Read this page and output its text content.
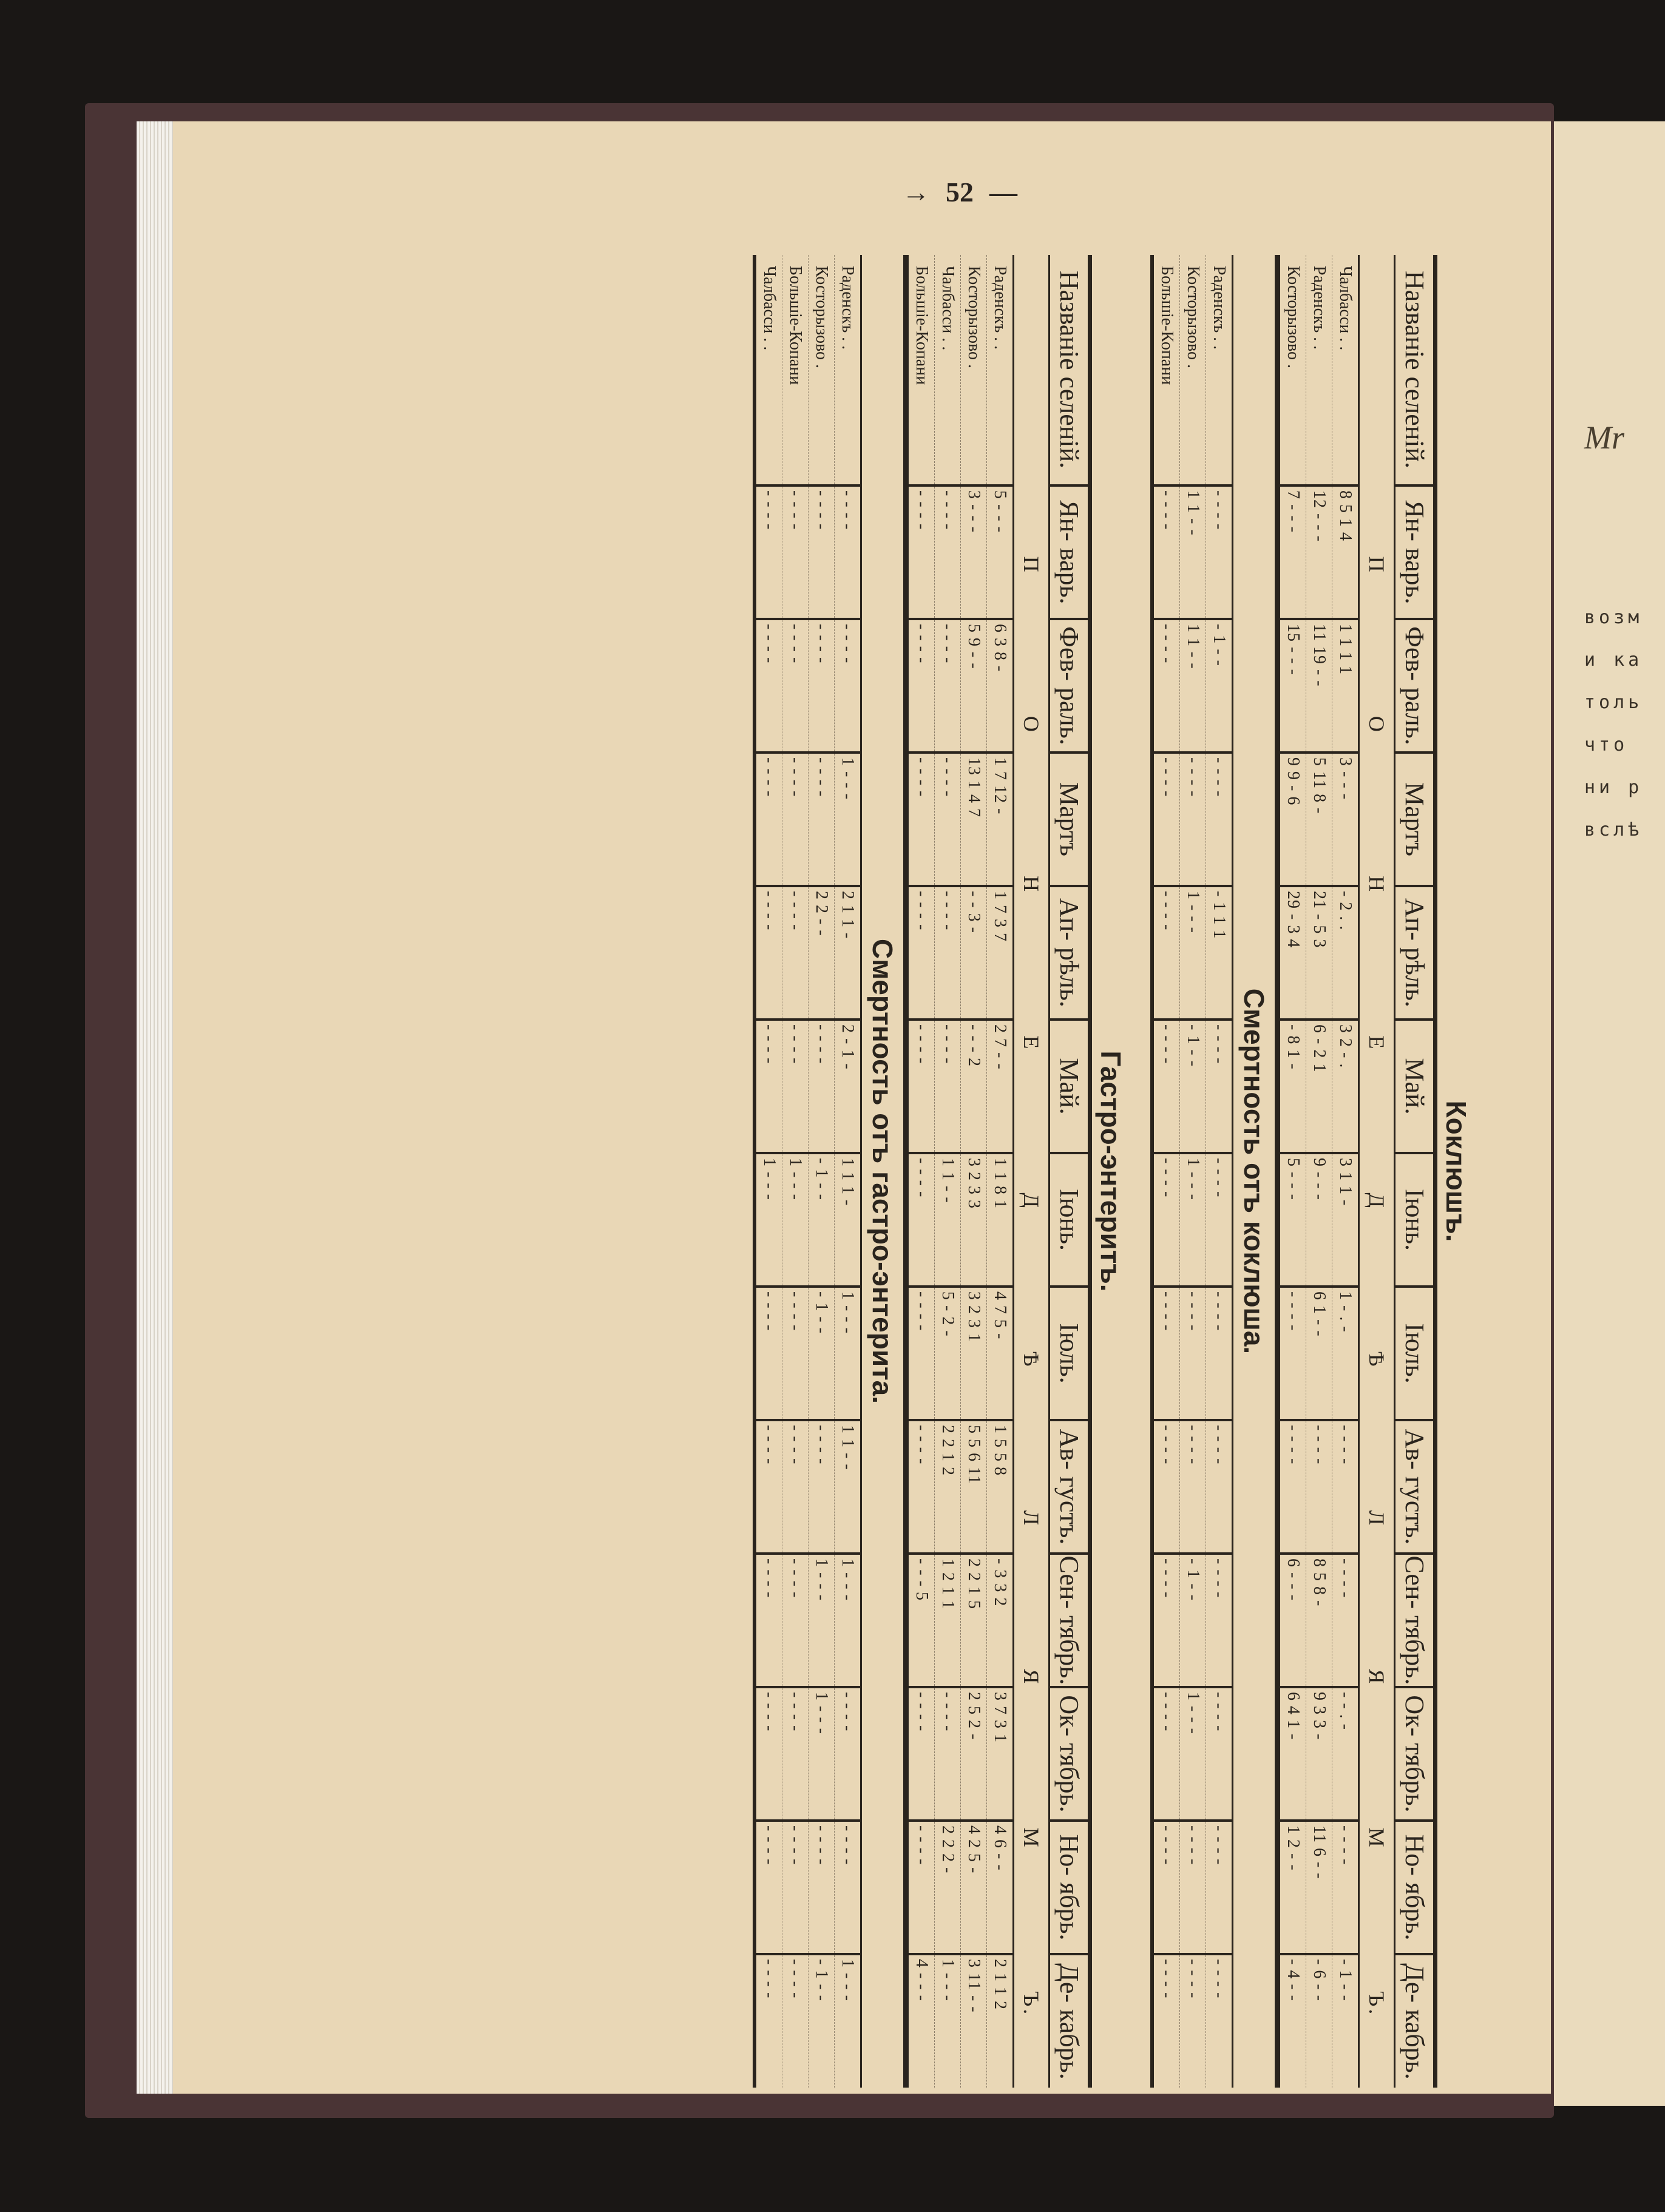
→ 52 —
Mr
возм
и ка
толь
что
ни р
вслѣ
Коклюшъ.
Названіе селеній.	Ян- варь.	Фев- раль.	Мартъ	Ап- рѣль.	Май.	Іюнь.	Іюль.	Ав- густъ.	Сен- тябрь.	Ок- тябрь.	Но- ябрь.	Де- кабрь.
П
О
Н
Е
Д
Ѣ
Л
Я
М
Ъ.
Чалбасси . .	8 5 1 4	1 1 1 1	3 - - -	- 2 . .	3 2 - .	3 1 1 -	1 - . -	- - - -	- - - -	- - . -	- - - -	- 1 - -
Раденскъ . .	12 - - -	11 19 - -	5 11 8 -	21 - 5 3	6 - 2 1	9 - - -	6 1 - -	- - - -	8 5 8 -	9 3 3 -	11 6 - -	- 6 - -
Косторызово .	7 - - -	15 - - -	9 9 - 6	29 - 3 4	- 8 1 -	5 - - -	- - - -	- - - -	6 - - -	6 4 1 -	1 2 - -	- 4 - -
Смертность отъ коклюша.
Раденскъ . .	- - - -	- 1 - -	- - - -	- 1 1 1	- - - -	- - - -	- - - -	- - - -	- - - -	- - - -	- - - -	- - - -
Косторызово .	1 1 - -	1 1 - -	- - - -	1 - - -	- 1 - -	1 - - -	- - - -	- - - -	- 1 - -	1 - - -	- - - -	- - - -
Большіе-Копани	- - - -	- - - -	- - - -	- - - -	- - - -	- - - -	- - - -	- - - -	- - - -	- - - -	- - - -	- - - -
Гастро-энтеритъ.
Названіе селеній.	Ян- варь.	Фев- раль.	Мартъ	Ап- рѣль.	Май.	Іюнь.	Іюль.	Ав- густъ.	Сен- тябрь.	Ок- тябрь.	Но- ябрь.	Де- кабрь.
П
О
Н
Е
Д
Ѣ
Л
Я
М
Ъ.
Раденскъ . .	5 - - -	6 3 8 -	1 7 12 -	1 7 3 7	2 7 - -	1 1 8 1	4 7 5 -	1 5 5 8	- 3 3 2	3 7 3 1	4 6 - -	2 1 1 2
Косторызово .	3 - - -	5 9 - -	13 1 4 7	- - 3 -	- - - 2	3 2 3 3	3 2 3 1	5 5 6 11	2 2 1 5	2 5 2 -	4 2 5 -	3 11 - -
Чалбасси . .	- - - -	- - - -	- - - -	- - - -	- - - -	1 1 - -	5 - 2 -	2 2 1 2	1 2 1 1	- - - -	2 2 2 -	1 - - -
Большіе-Копани	- - - -	- - - -	- - - -	- - - -	- - - -	- - - -	- - - -	- - - -	- - - 5	- - - -	- - - -	4 - - -
Смертность отъ гастро-энтерита.
Раденскъ . .	- - - -	- - - -	1 - - -	2 1 1 -	2 - 1 -	1 1 1 -	1 - - -	1 1 - -	1 - - -	- - - -	- - - -	1 - - -
Косторызово .	- - - -	- - - -	- - - -	2 2 - -	- - - -	- 1 - -	- 1 - -	- - - -	1 - - -	1 - - -	- - - -	- 1 - -
Большіе-Копани	- - - -	- - - -	- - - -	- - - -	- - - -	1 - - -	- - - -	- - - -	- - - -	- - - -	- - - -	- - - -
Чалбасси . .	- - - -	- - - -	- - - -	- - - -	- - - -	1 - - -	- - - -	- - - -	- - - -	- - - -	- - - -	- - - -
